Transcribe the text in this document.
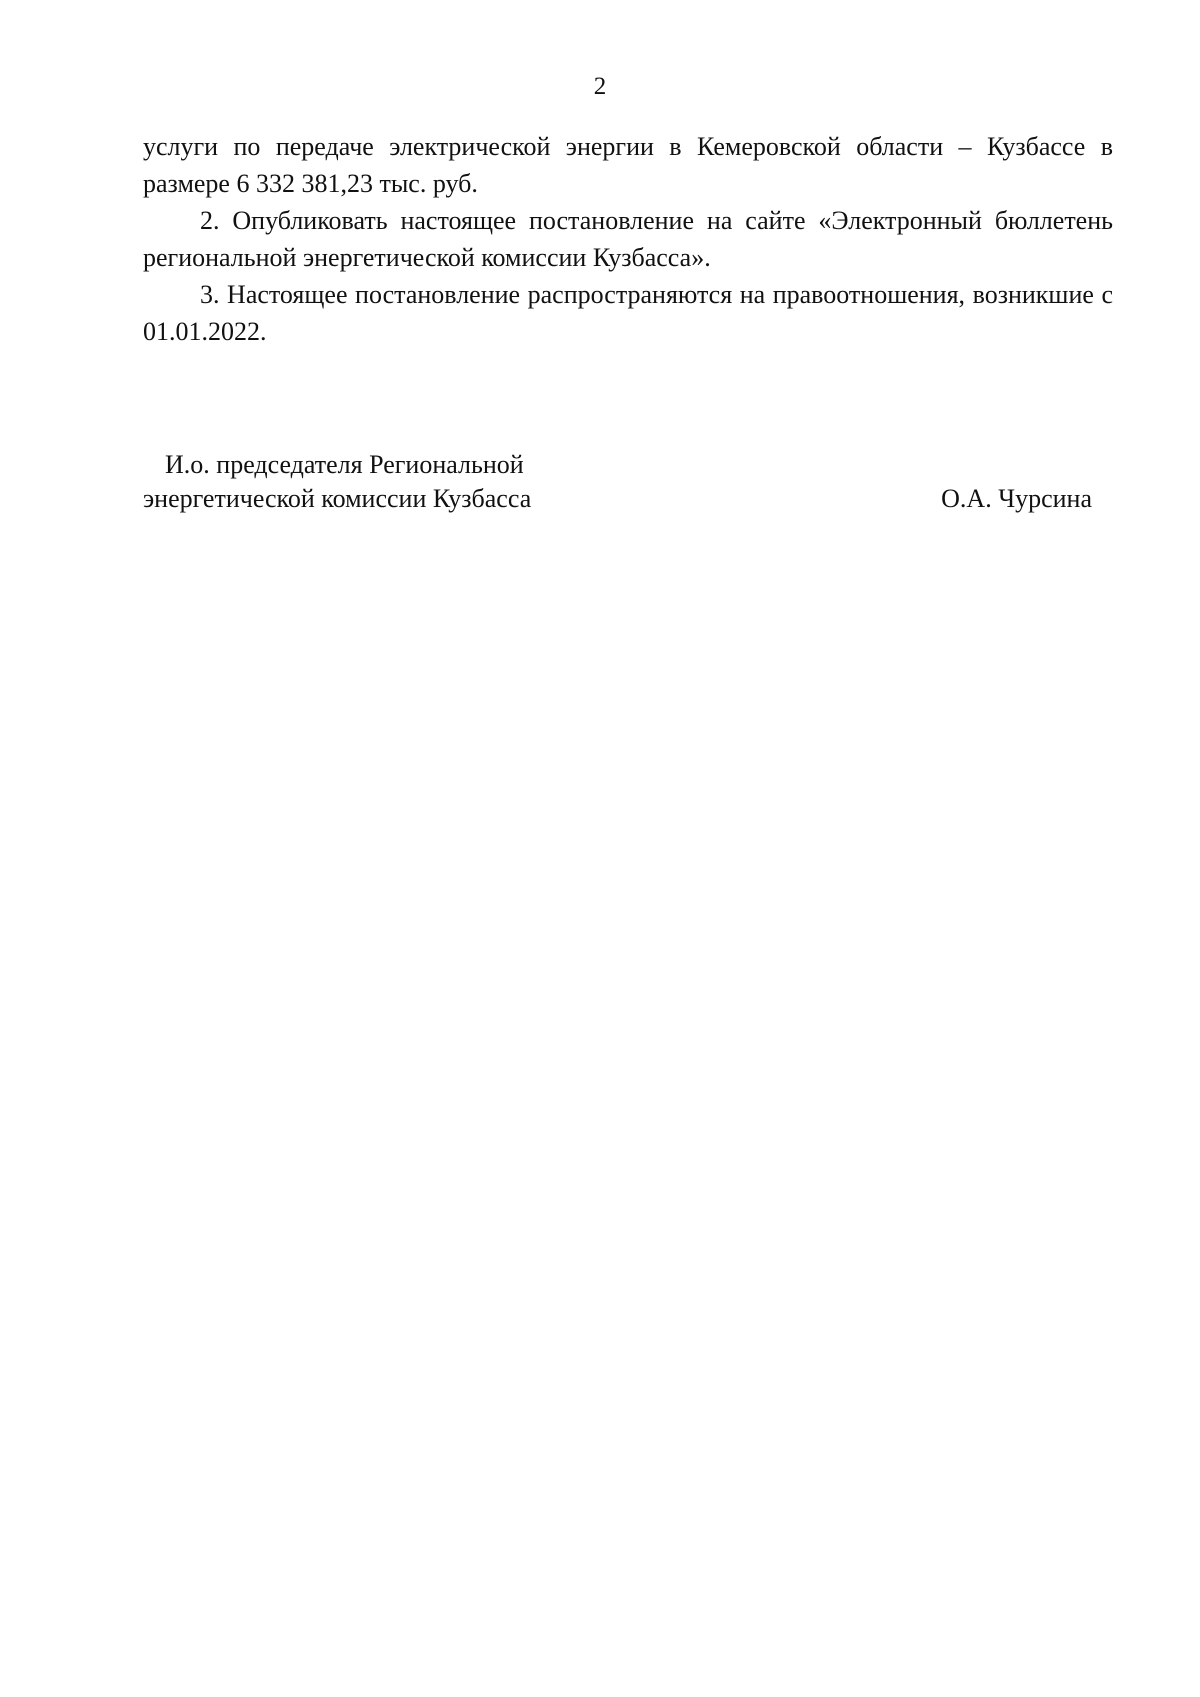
2

услуги по передаче электрической энергии в Кемеровской области – Кузбассе в размере 6 332 381,23 тыс. руб.

2. Опубликовать настоящее постановление на сайте «Электронный бюллетень региональной энергетической комиссии Кузбасса».

3. Настоящее постановление распространяются на правоотношения, возникшие с 01.01.2022.

И.о. председателя Региональной
энергетической комиссии Кузбасса	О.А. Чурсина
